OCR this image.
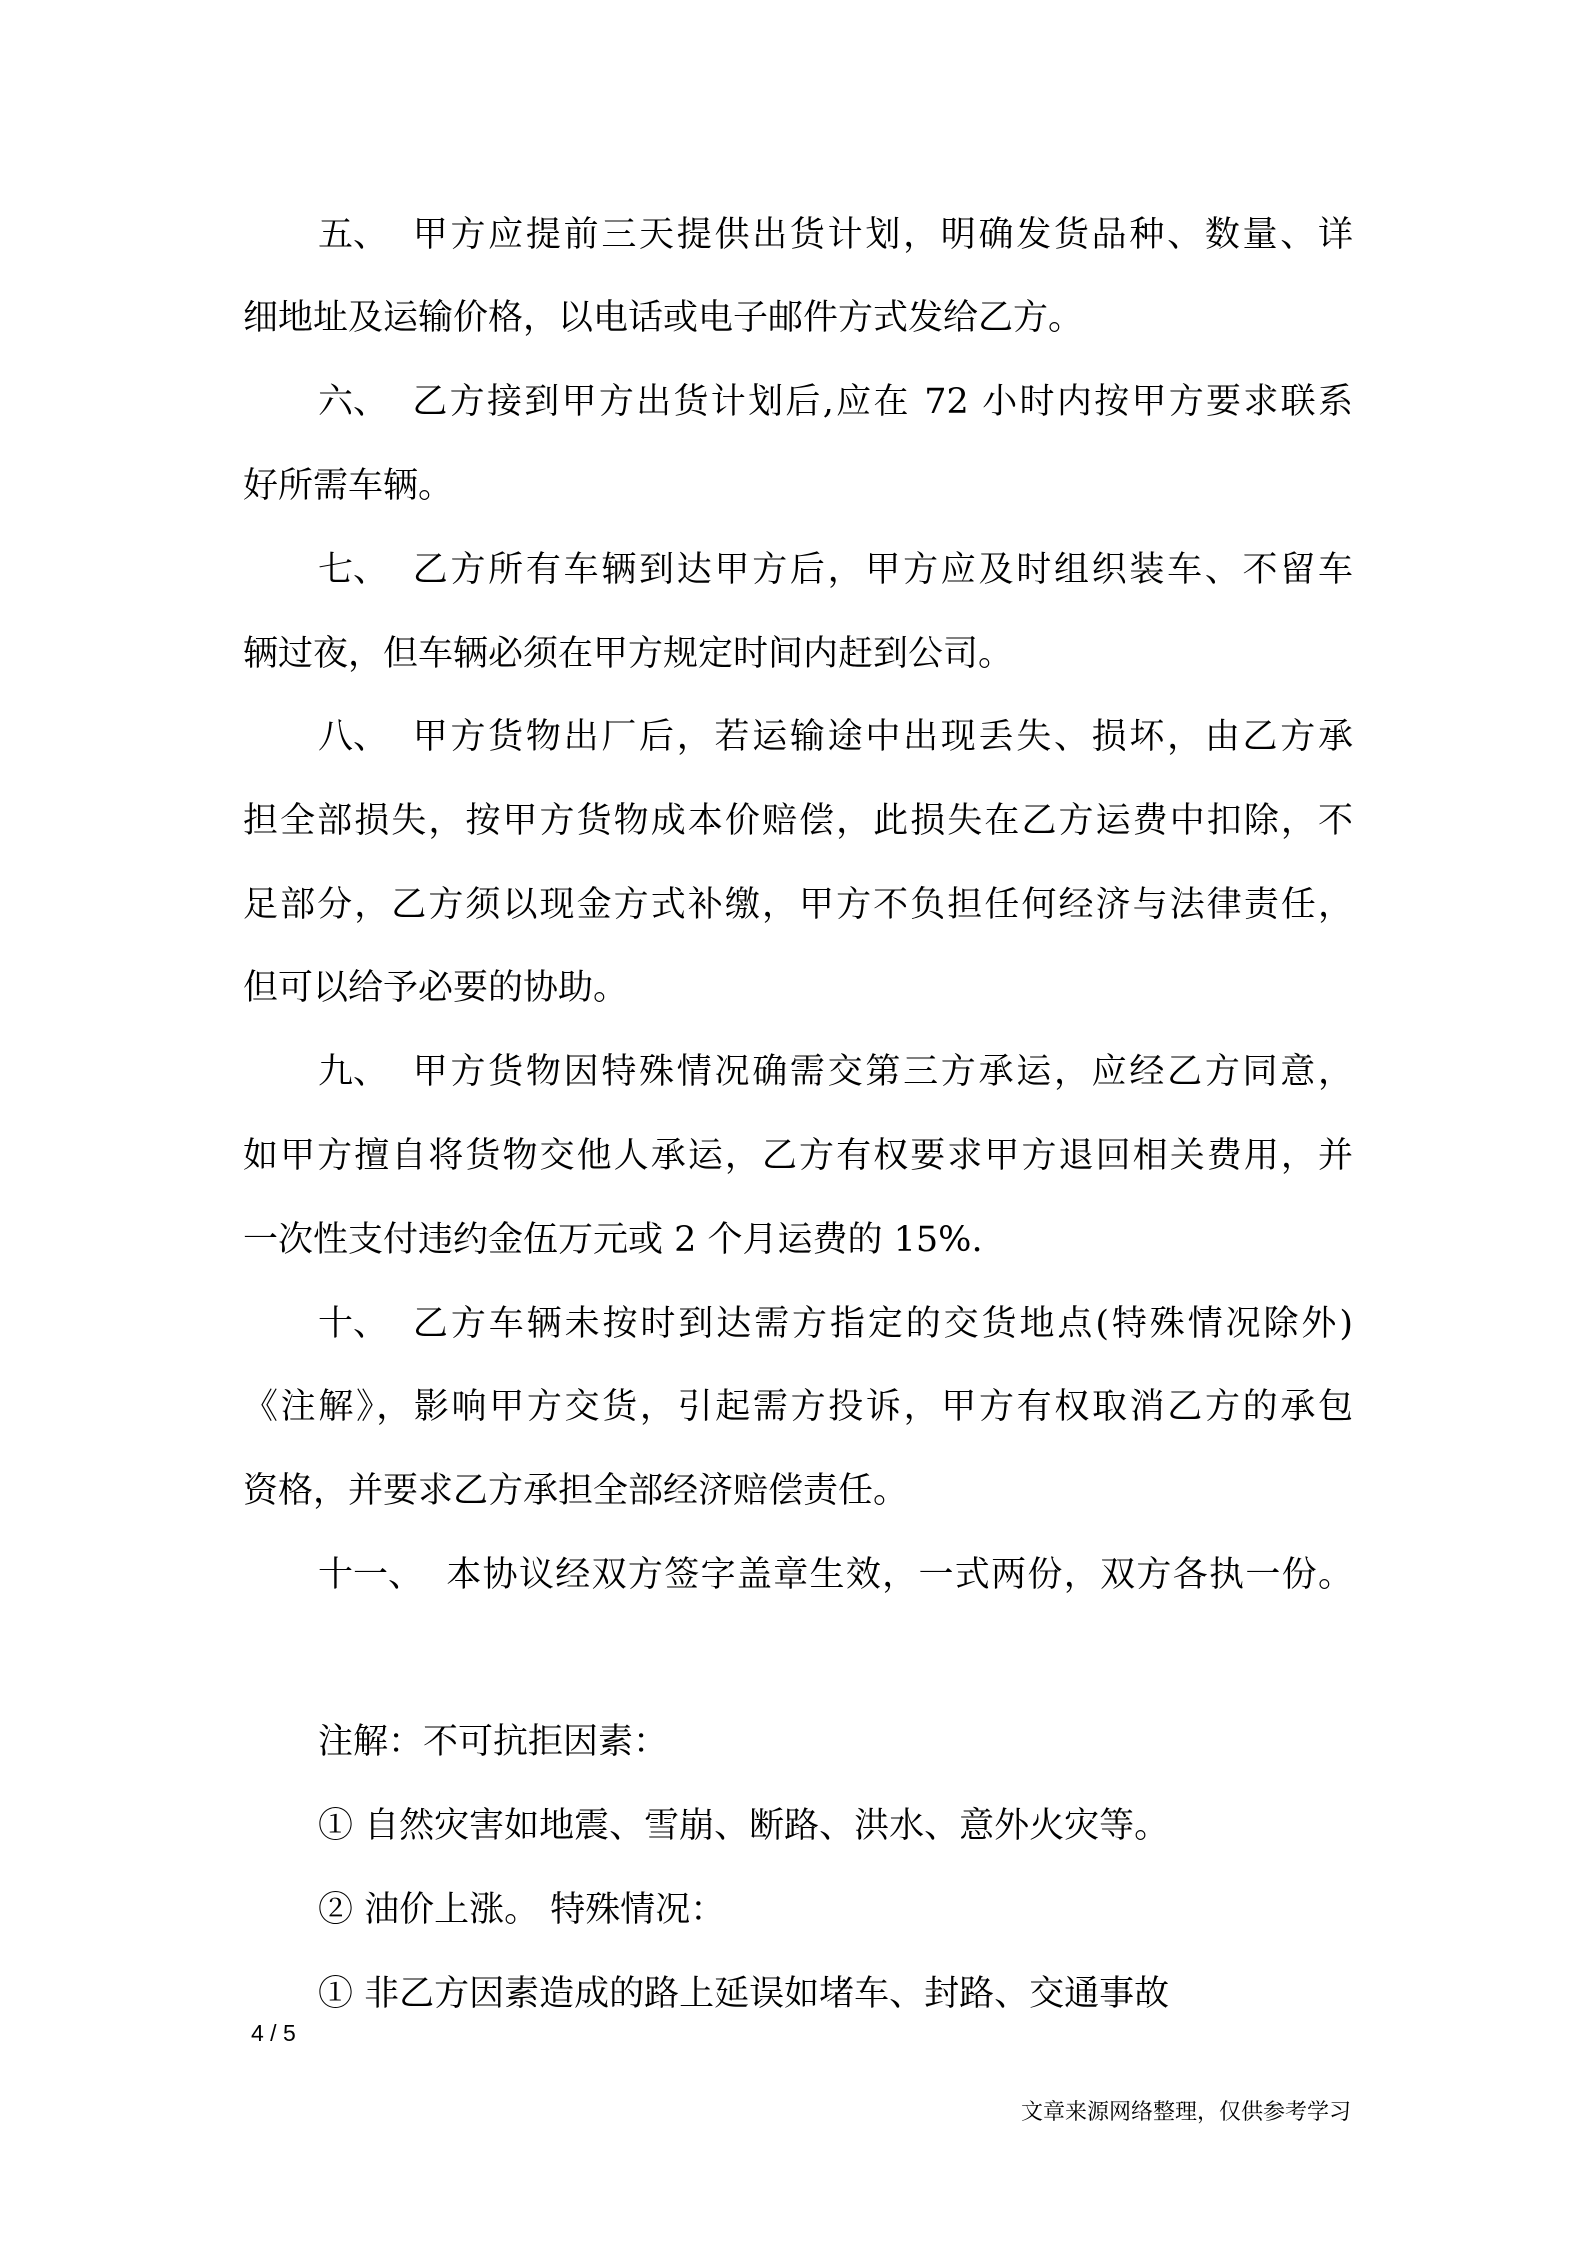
五、 甲方应提前三天提供出货计划，明确发货品种、数量、详
细地址及运输价格，以电话或电子邮件方式发给乙方。
六、 乙方接到甲方出货计划后,应在 72 小时内按甲方要求联系
好所需车辆。
七、 乙方所有车辆到达甲方后，甲方应及时组织装车、不留车
辆过夜，但车辆必须在甲方规定时间内赶到公司。
八、 甲方货物出厂后，若运输途中出现丢失、损坏，由乙方承
担全部损失，按甲方货物成本价赔偿，此损失在乙方运费中扣除，不
足部分，乙方须以现金方式补缴，甲方不负担任何经济与法律责任，
但可以给予必要的协助。
九、 甲方货物因特殊情况确需交第三方承运，应经乙方同意，
如甲方擅自将货物交他人承运，乙方有权要求甲方退回相关费用，并
一次性支付违约金伍万元或 2 个月运费的 15%.
十、 乙方车辆未按时到达需方指定的交货地点(特殊情况除外)
《注解》，影响甲方交货，引起需方投诉，甲方有权取消乙方的承包
资格，并要求乙方承担全部经济赔偿责任。
十一、 本协议经双方签字盖章生效，一式两份，双方各执一份。
注解：不可抗拒因素：
① 自然灾害如地震、雪崩、断路、洪水、意外火灾等。
② 油价上涨。 特殊情况：
① 非乙方因素造成的路上延误如堵车、封路、交通事故
4 / 5
文章来源网络整理，仅供参考学习
